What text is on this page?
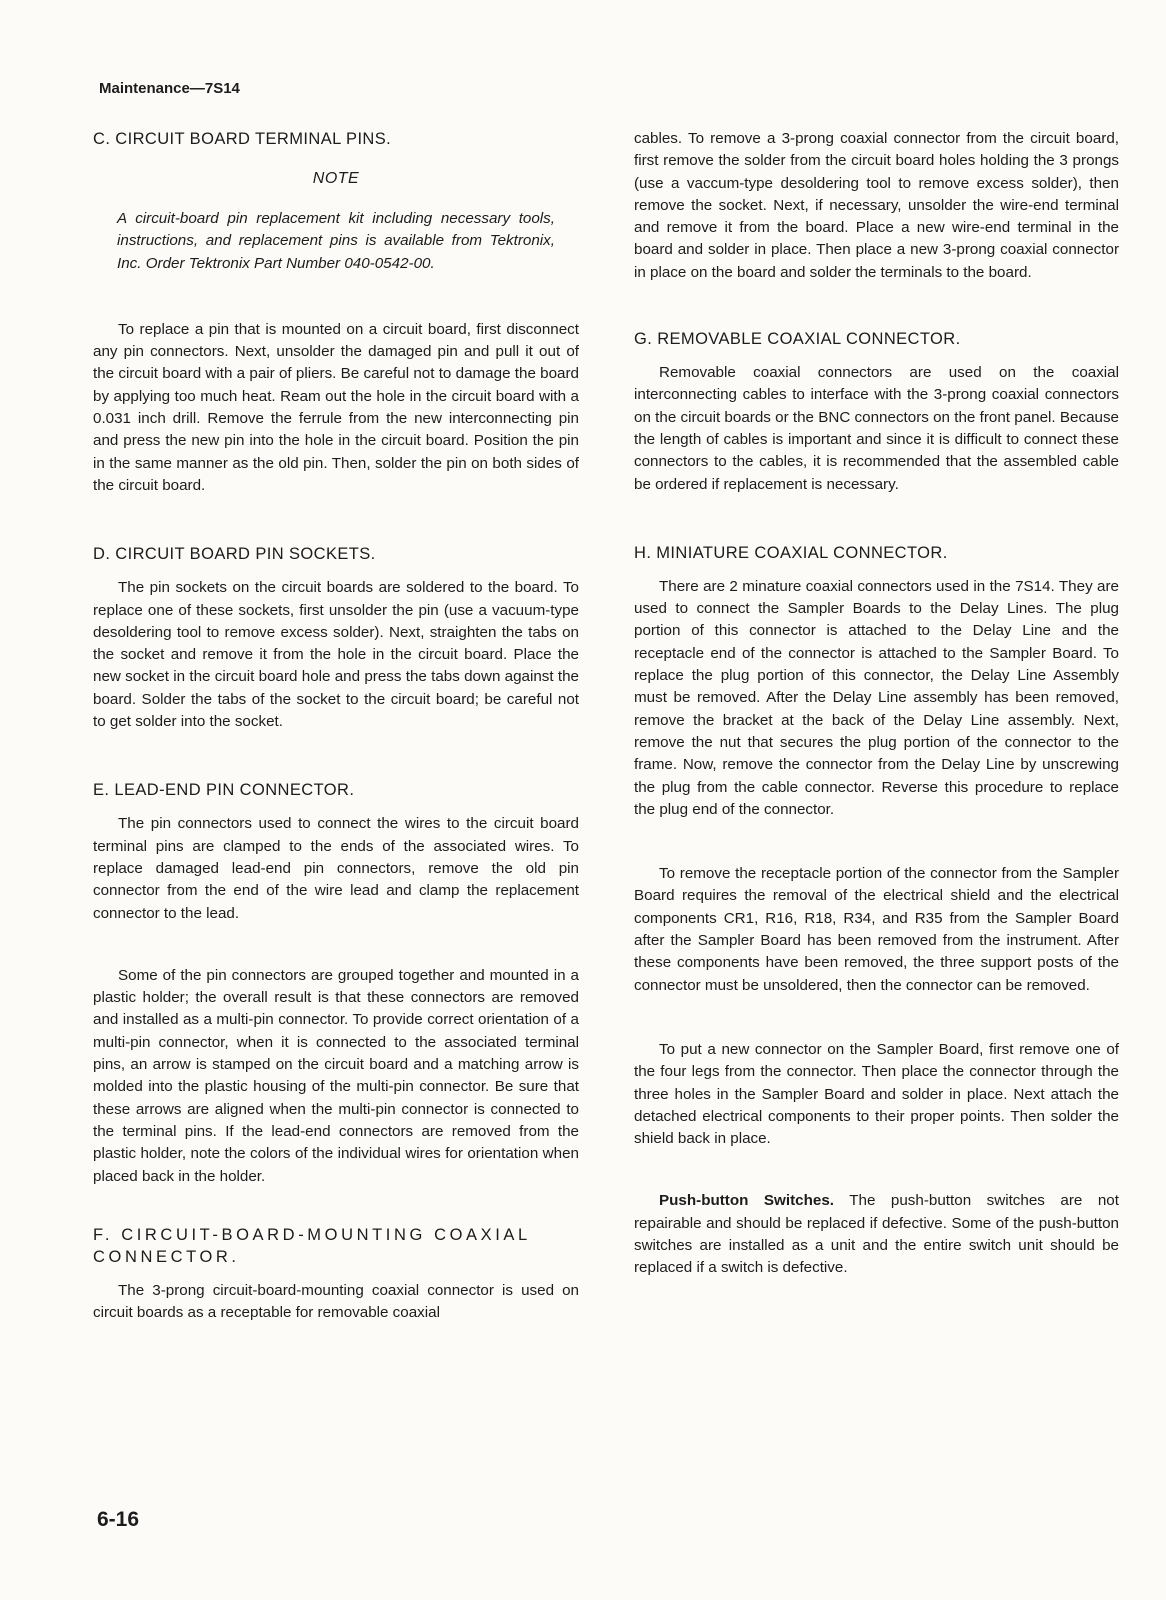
Maintenance—7S14
C. CIRCUIT BOARD TERMINAL PINS.
NOTE

A circuit-board pin replacement kit including necessary tools, instructions, and replacement pins is available from Tektronix, Inc. Order Tektronix Part Number 040-0542-00.

To replace a pin that is mounted on a circuit board, first disconnect any pin connectors. Next, unsolder the damaged pin and pull it out of the circuit board with a pair of pliers. Be careful not to damage the board by applying too much heat. Ream out the hole in the circuit board with a 0.031 inch drill. Remove the ferrule from the new interconnecting pin and press the new pin into the hole in the circuit board. Position the pin in the same manner as the old pin. Then, solder the pin on both sides of the circuit board.

D. CIRCUIT BOARD PIN SOCKETS.

The pin sockets on the circuit boards are soldered to the board. To replace one of these sockets, first unsolder the pin (use a vacuum-type desoldering tool to remove excess solder). Next, straighten the tabs on the socket and remove it from the hole in the circuit board. Place the new socket in the circuit board hole and press the tabs down against the board. Solder the tabs of the socket to the circuit board; be careful not to get solder into the socket.

E. LEAD-END PIN CONNECTOR.

The pin connectors used to connect the wires to the circuit board terminal pins are clamped to the ends of the associated wires. To replace damaged lead-end pin connectors, remove the old pin connector from the end of the wire lead and clamp the replacement connector to the lead.

Some of the pin connectors are grouped together and mounted in a plastic holder; the overall result is that these connectors are removed and installed as a multi-pin connector. To provide correct orientation of a multi-pin connector, when it is connected to the associated terminal pins, an arrow is stamped on the circuit board and a matching arrow is molded into the plastic housing of the multi-pin connector. Be sure that these arrows are aligned when the multi-pin connector is connected to the terminal pins. If the lead-end connectors are removed from the plastic holder, note the colors of the individual wires for orientation when placed back in the holder.

F. CIRCUIT-BOARD-MOUNTING COAXIAL CONNECTOR.

The 3-prong circuit-board-mounting coaxial connector is used on circuit boards as a receptable for removable coaxial

cables. To remove a 3-prong coaxial connector from the circuit board, first remove the solder from the circuit board holes holding the 3 prongs (use a vaccum-type desoldering tool to remove excess solder), then remove the socket. Next, if necessary, unsolder the wire-end terminal and remove it from the board. Place a new wire-end terminal in the board and solder in place. Then place a new 3-prong coaxial connector in place on the board and solder the terminals to the board.

G. REMOVABLE COAXIAL CONNECTOR.

Removable coaxial connectors are used on the coaxial interconnecting cables to interface with the 3-prong coaxial connectors on the circuit boards or the BNC connectors on the front panel. Because the length of cables is important and since it is difficult to connect these connectors to the cables, it is recommended that the assembled cable be ordered if replacement is necessary.

H. MINIATURE COAXIAL CONNECTOR.

There are 2 minature coaxial connectors used in the 7S14. They are used to connect the Sampler Boards to the Delay Lines. The plug portion of this connector is attached to the Delay Line and the receptacle end of the connector is attached to the Sampler Board. To replace the plug portion of this connector, the Delay Line Assembly must be removed. After the Delay Line assembly has been removed, remove the bracket at the back of the Delay Line assembly. Next, remove the nut that secures the plug portion of the connector to the frame. Now, remove the connector from the Delay Line by unscrewing the plug from the cable connector. Reverse this procedure to replace the plug end of the connector.

To remove the receptacle portion of the connector from the Sampler Board requires the removal of the electrical shield and the electrical components CR1, R16, R18, R34, and R35 from the Sampler Board after the Sampler Board has been removed from the instrument. After these components have been removed, the three support posts of the connector must be unsoldered, then the connector can be removed.

To put a new connector on the Sampler Board, first remove one of the four legs from the connector. Then place the connector through the three holes in the Sampler Board and solder in place. Next attach the detached electrical components to their proper points. Then solder the shield back in place.

Push-button Switches. The push-button switches are not repairable and should be replaced if defective. Some of the push-button switches are installed as a unit and the entire switch unit should be replaced if a switch is defective.

6-16
